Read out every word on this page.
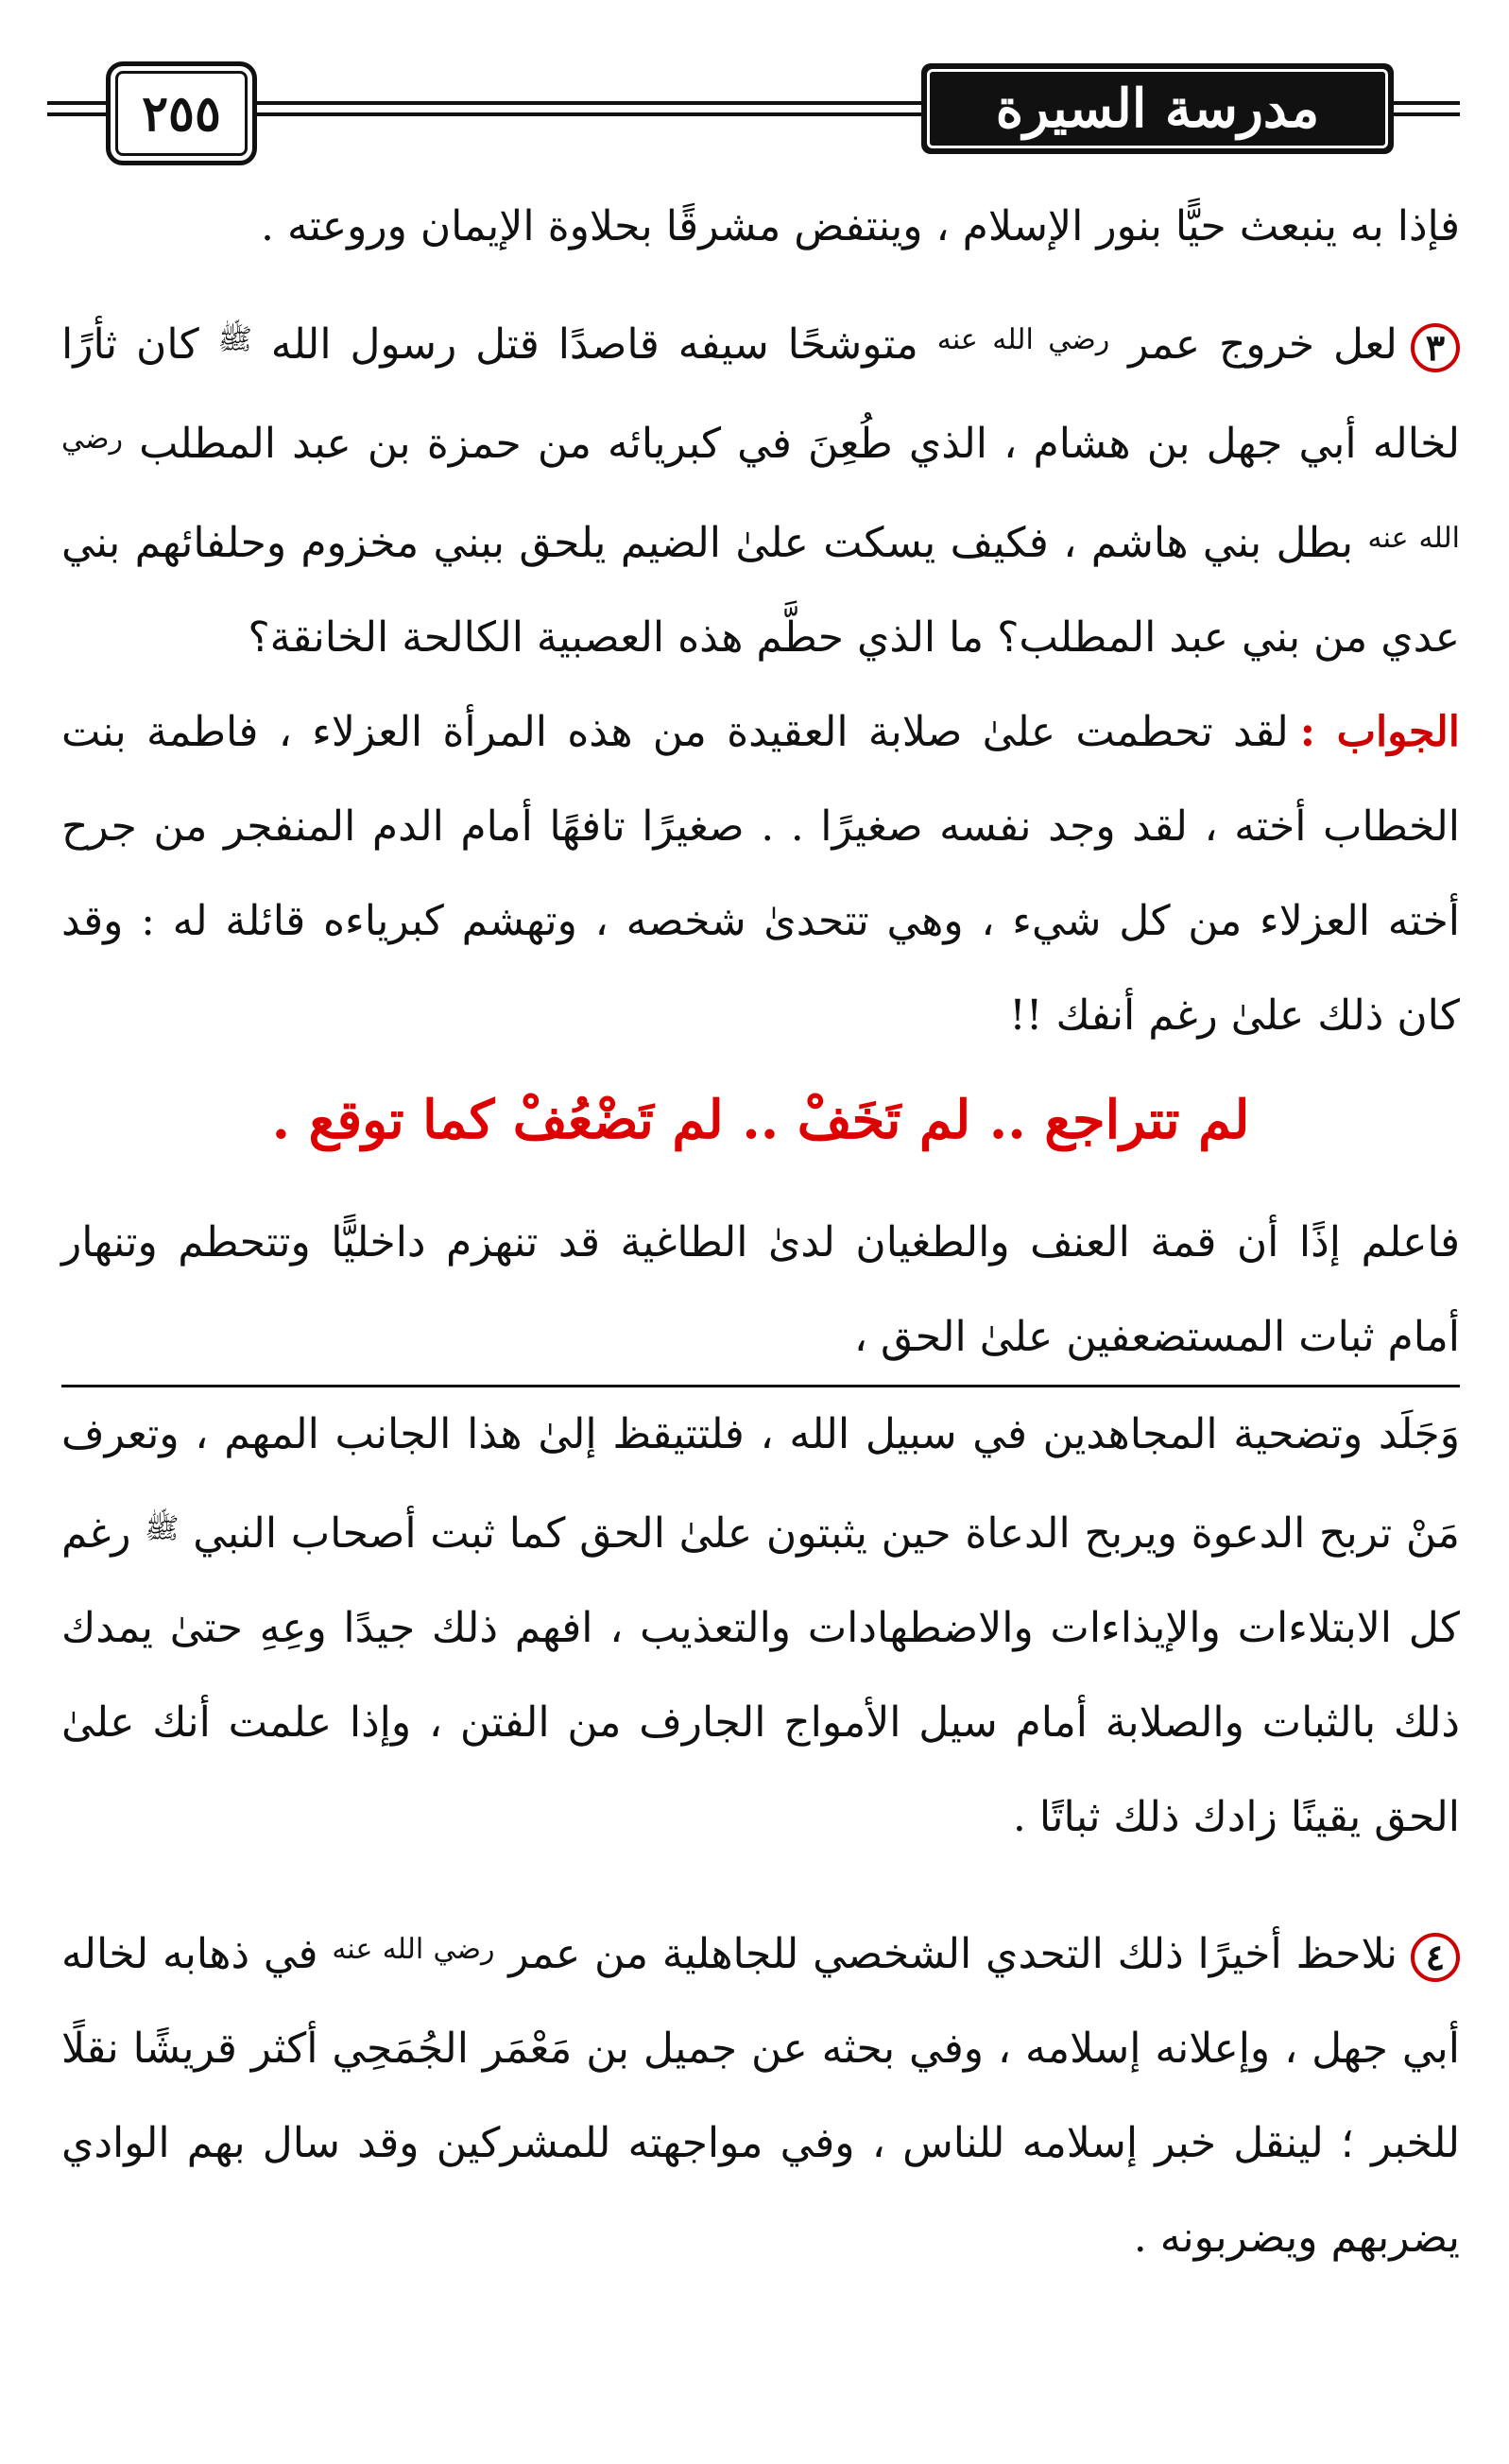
٢٥٥	مدرسة السيرة

فإذا به ينبعث حيًّا بنور الإسلام ، وينتفض مشرقًا بحلاوة الإيمان وروعته .

٣لعل خروج عمر $^{رضي الله عنه}$ متوشحًا سيفه قاصدًا قتل رسول الله $^ﷺ$ كان ثأرًا لخاله أبي جهل بن هشام ، الذي طُعِنَ في كبريائه من حمزة بن عبد المطلب $^{رضي الله عنه}$ بطل بني هاشم ، فكيف يسكت علىٰ الضيم يلحق ببني مخزوم وحلفائهم بني عدي من بني عبد المطلب؟ ما الذي حطَّم هذه العصبية الكالحة الخانقة؟

الجواب :لقد تحطمت علىٰ صلابة العقيدة من هذه المرأة العزلاء ، فاطمة بنت الخطاب أخته ، لقد وجد نفسه صغيرًا . . صغيرًا تافهًا أمام الدم المنفجر من جرح أخته العزلاء من كل شيء ، وهي تتحدىٰ شخصه ، وتهشم كبرياءه قائلة له : وقد كان ذلك علىٰ رغم أنفك !!

لم تتراجع .. لم تَخَفْ .. لم تَضْعُفْ كما توقع .

فاعلم إذًا أن قمة العنف والطغيان لدىٰ الطاغية قد تنهزم داخليًّا وتتحطم وتنهار أمام ثبات المستضعفين علىٰ الحق ،
وَجَلَد وتضحية المجاهدين في سبيل الله ، فلتتيقظ إلىٰ هذا الجانب المهم ، وتعرف مَنْ تربح الدعوة ويربح الدعاة حين يثبتون علىٰ الحق كما ثبت أصحاب النبي $^ﷺ$ رغم كل الابتلاءات والإيذاءات والاضطهادات والتعذيب ، افهم ذلك جيدًا وعِهِ حتىٰ يمدك ذلك بالثبات والصلابة أمام سيل الأمواج الجارف من الفتن ، وإذا علمت أنك علىٰ الحق يقينًا زادك ذلك ثباتًا .

٤نلاحظ أخيرًا ذلك التحدي الشخصي للجاهلية من عمر $^{رضي الله عنه}$ في ذهابه لخاله أبي جهل ، وإعلانه إسلامه ، وفي بحثه عن جميل بن مَعْمَر الجُمَحِي أكثر قريشًا نقلًا للخبر ؛ لينقل خبر إسلامه للناس ، وفي مواجهته للمشركين وقد سال بهم الوادي يضربهم ويضربونه .
